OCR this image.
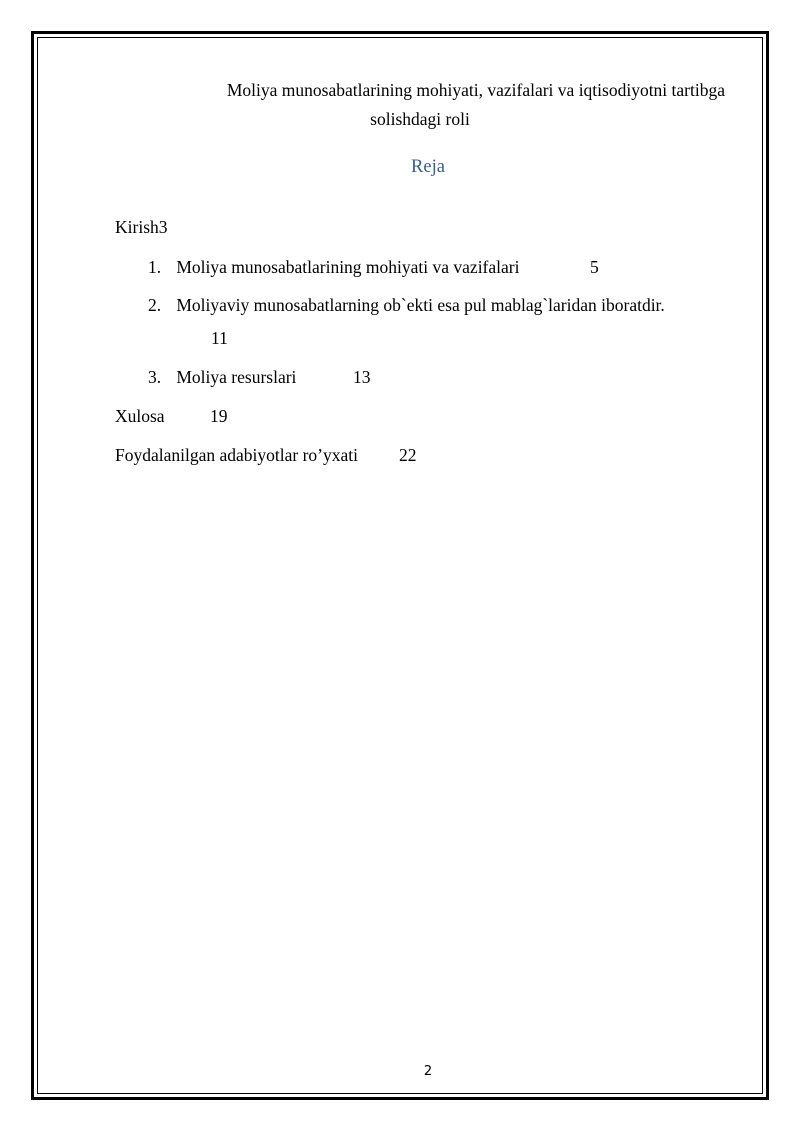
Moliya munosabatlarining mohiyati, vazifalari va iqtisodiyotni tartibga
solishdagi roli
Reja
Kirish3
1. Moliya munosabatlarining mohiyati va vazifalari	5
2. Moliyaviy munosabatlarning ob`ekti esa pul mablag`laridan iboratdir.
11
3. Moliya resurslari	13
Xulosa	19
Foydalanilgan adabiyotlar ro’yxati 22
2
